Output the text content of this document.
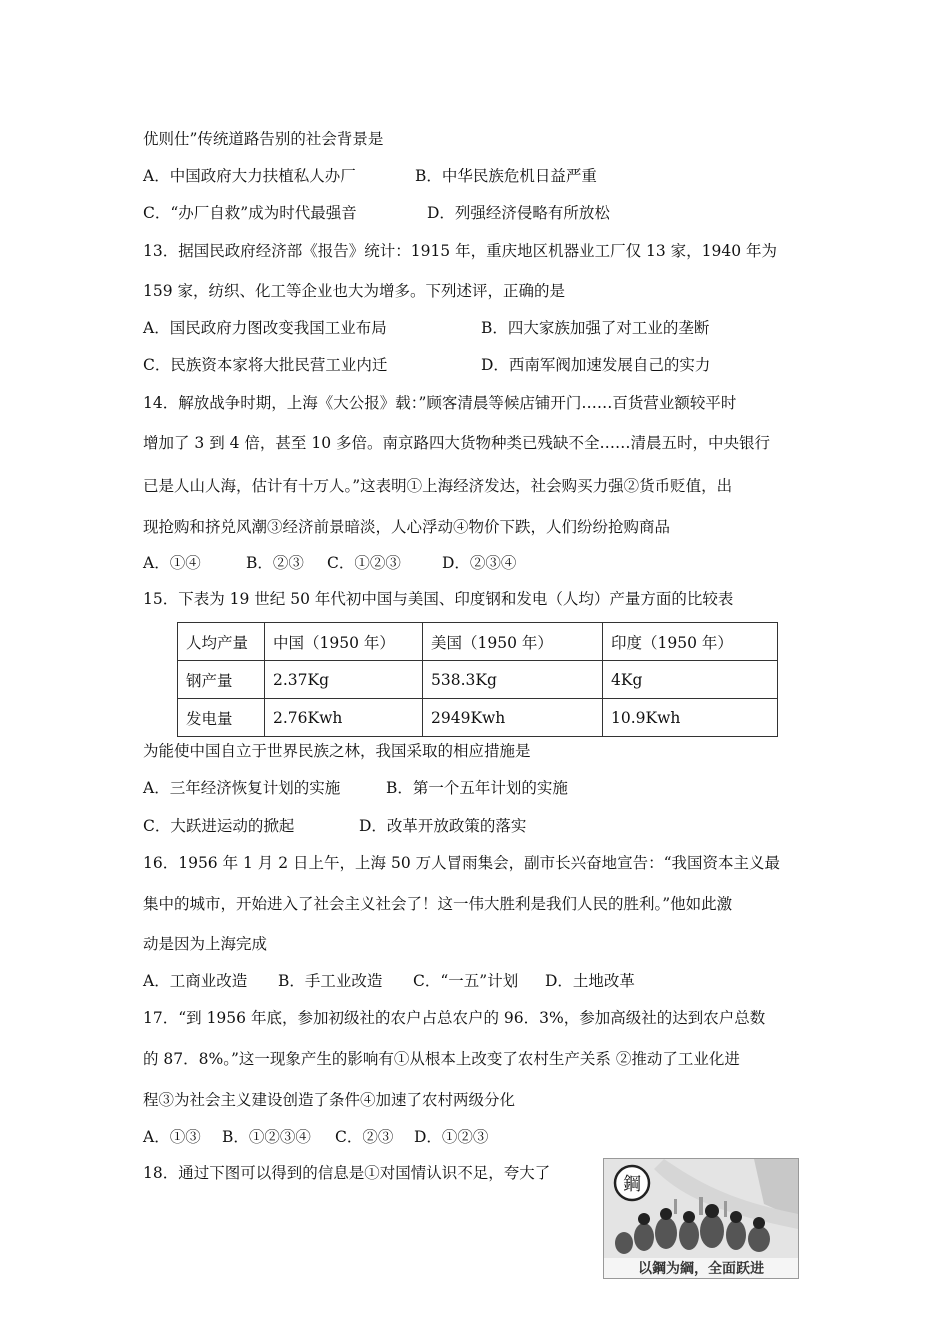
优则仕”传统道路告别的社会背景是
A．中国政府大力扶植私人办厂	B．中华民族危机日益严重
C．“办厂自救”成为时代最强音	D．列强经济侵略有所放松
13．据国民政府经济部《报告》统计：1915 年，重庆地区机器业工厂仅 13 家，1940 年为
159 家，纺织、化工等企业也大为增多。下列述评，正确的是
A．国民政府力图改变我国工业布局	B．四大家族加强了对工业的垄断
C．民族资本家将大批民营工业内迁	D．西南军阀加速发展自己的实力
14．解放战争时期，上海《大公报》载：”顾客清晨等候店铺开门……百货营业额较平时
增加了 3 到 4 倍，甚至 10 多倍。南京路四大货物种类已残缺不全……清晨五时，中央银行
已是人山人海，估计有十万人。”这表明①上海经济发达，社会购买力强②货币贬值，出
现抢购和挤兑风潮③经济前景暗淡，人心浮动④物价下跌，人们纷纷抢购商品
A．①④	B．②③ C．①②③	D．②③④
15．下表为 19 世纪 50 年代初中国与美国、印度钢和发电（人均）产量方面的比较表
人均产量	中国（1950 年）	美国（1950 年）	印度（1950 年）
钢产量	2.37Kg	538.3Kg	4Kg
发电量	2.76Kwh	2949Kwh	10.9Kwh
为能使中国自立于世界民族之林，我国采取的相应措施是
A．三年经济恢复计划的实施	B．第一个五年计划的实施
C．大跃进运动的掀起	D．改革开放政策的落实
16．1956 年 1 月 2 日上午，上海 50 万人冒雨集会，副市长兴奋地宣告：“我国资本主义最
集中的城市，开始进入了社会主义社会了！这一伟大胜利是我们人民的胜利。”他如此激
动是因为上海完成
A．工商业改造 B．手工业改造 C．“一五”计划 D．土地改革
17．“到 1956 年底，参加初级社的农户占总农户的 96．3%，参加高级社的达到农户总数
的 87．8%。”这一现象产生的影响有①从根本上改变了农村生产关系 ②推动了工业化进
程③为社会主义建设创造了条件④加速了农村两级分化
A．①③ B．①②③④ C．②③ D．①②③
18．通过下图可以得到的信息是①对国情认识不足，夸大了
鋼
以鋼为綱，全面跃进
